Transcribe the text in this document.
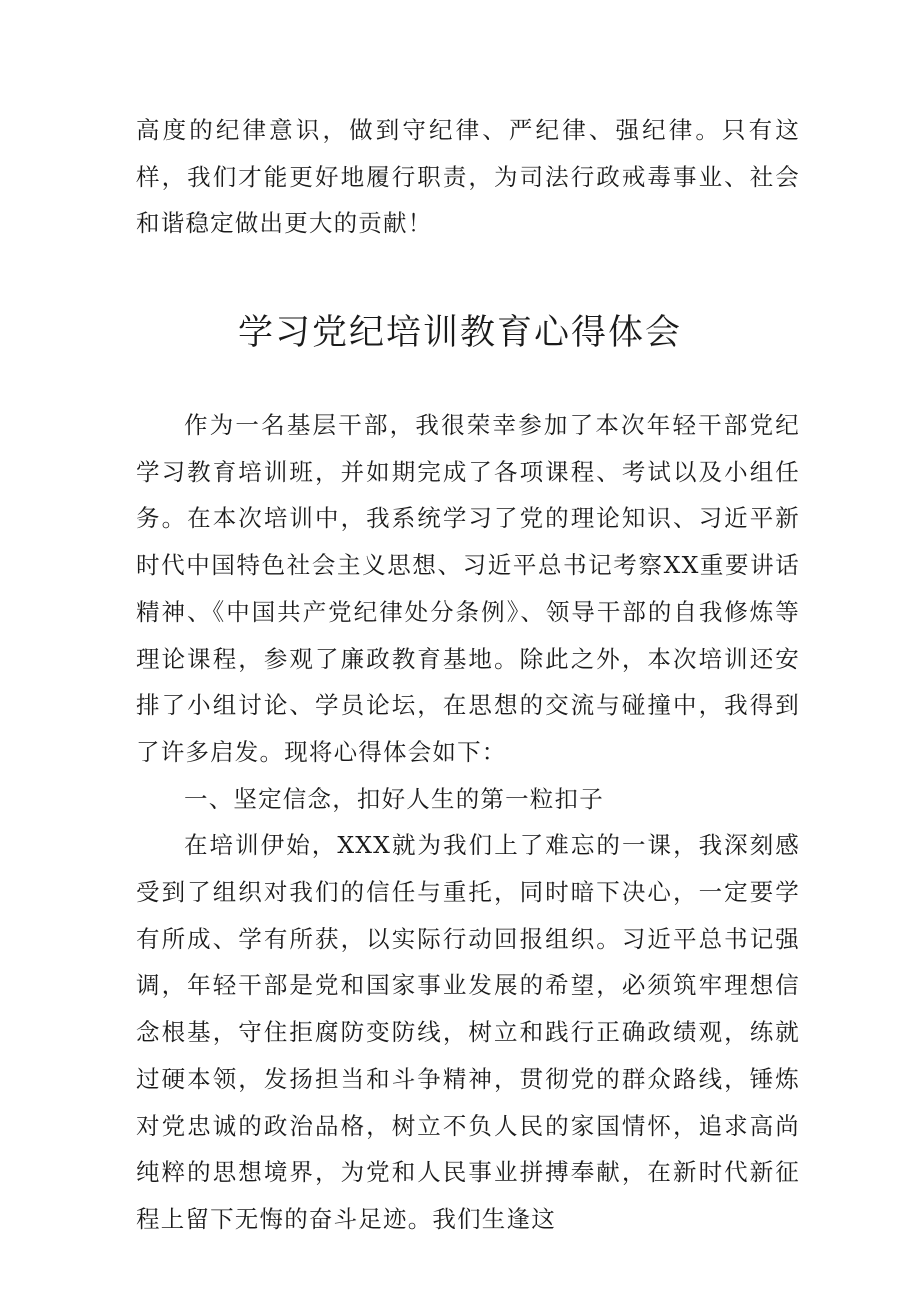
高度的纪律意识，做到守纪律、严纪律、强纪律。只有这样，我们才能更好地履行职责，为司法行政戒毒事业、社会和谐稳定做出更大的贡献！

学习党纪培训教育心得体会

作为一名基层干部，我很荣幸参加了本次年轻干部党纪学习教育培训班，并如期完成了各项课程、考试以及小组任务。在本次培训中，我系统学习了党的理论知识、习近平新时代中国特色社会主义思想、习近平总书记考察XX重要讲话精神、《中国共产党纪律处分条例》、领导干部的自我修炼等理论课程，参观了廉政教育基地。除此之外，本次培训还安排了小组讨论、学员论坛，在思想的交流与碰撞中，我得到了许多启发。现将心得体会如下：

一、坚定信念，扣好人生的第一粒扣子

在培训伊始，XXX就为我们上了难忘的一课，我深刻感受到了组织对我们的信任与重托，同时暗下决心，一定要学有所成、学有所获，以实际行动回报组织。习近平总书记强调，年轻干部是党和国家事业发展的希望，必须筑牢理想信念根基，守住拒腐防变防线，树立和践行正确政绩观，练就过硬本领，发扬担当和斗争精神，贯彻党的群众路线，锤炼对党忠诚的政治品格，树立不负人民的家国情怀，追求高尚纯粹的思想境界，为党和人民事业拼搏奉献，在新时代新征程上留下无悔的奋斗足迹。我们生逢这
